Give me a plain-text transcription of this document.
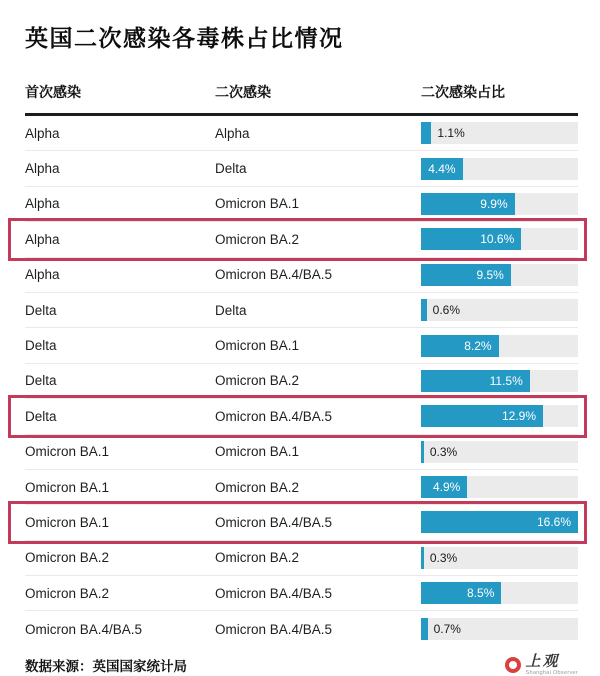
英国二次感染各毒株占比情况
首次感染	二次感染	二次感染占比
Alpha	Alpha	1.1%
Alpha	Delta	4.4%
Alpha	Omicron BA.1	9.9%
Alpha	Omicron BA.2	10.6%
Alpha	Omicron BA.4/BA.5	9.5%
Delta	Delta	0.6%
Delta	Omicron BA.1	8.2%
Delta	Omicron BA.2	11.5%
Delta	Omicron BA.4/BA.5	12.9%
Omicron BA.1	Omicron BA.1	0.3%
Omicron BA.1	Omicron BA.2	4.9%
Omicron BA.1	Omicron BA.4/BA.5	16.6%
Omicron BA.2	Omicron BA.2	0.3%
Omicron BA.2	Omicron BA.4/BA.5	8.5%
Omicron BA.4/BA.5	Omicron BA.4/BA.5	0.7%
数据来源：英国国家统计局	上观
Shanghai Observer
